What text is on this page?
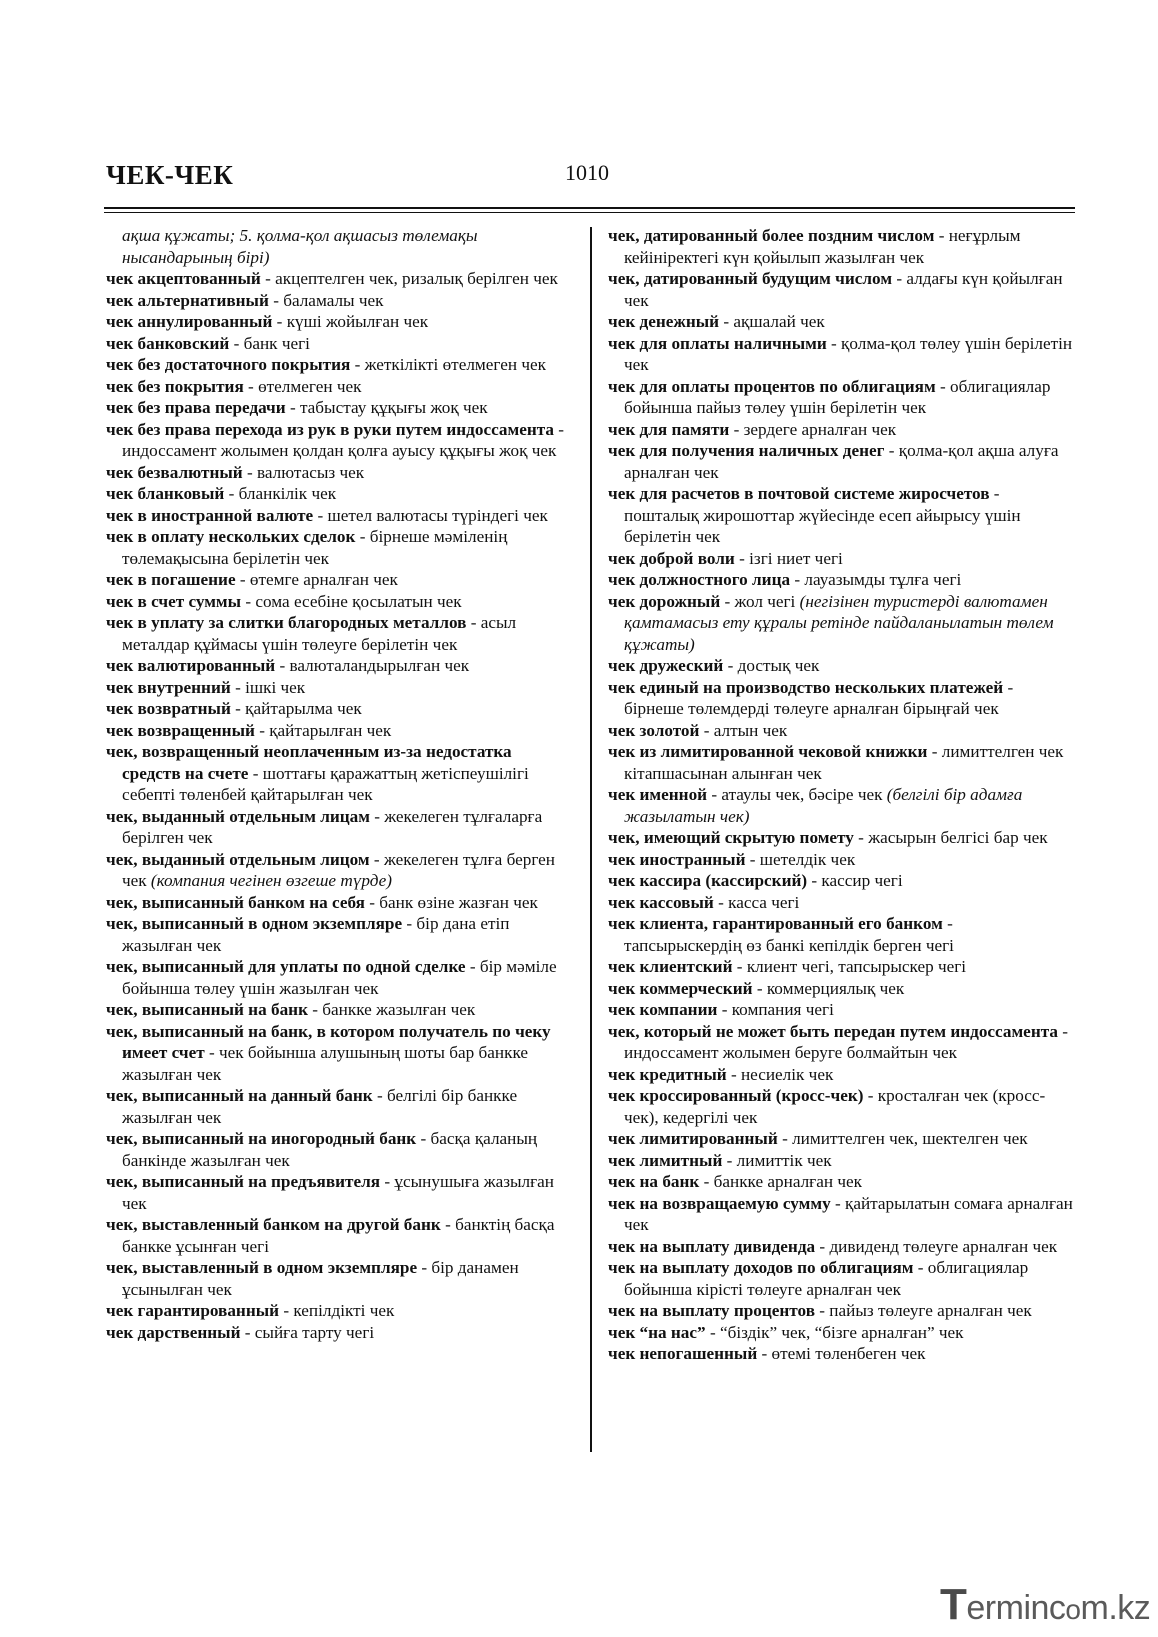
ЧЕК-ЧЕК	1010

ақша құжаты; 5. қолма-қол ақшасыз төлемақы нысандарының бірі)

чек акцептованный - акцептелген чек, ризалық берілген чек

чек альтернативный - баламалы чек

чек аннулированный - күші жойылған чек

чек банковский - банк чегі

чек без достаточного покрытия - жеткілікті өтелмеген чек

чек без покрытия - өтелмеген чек

чек без права передачи - табыстау құқығы жоқ чек

чек без права перехода из рук в руки путем индоссамента - индоссамент жолымен қолдан қолға ауысу құқығы жоқ чек

чек безвалютный - валютасыз чек

чек бланковый - бланкілік чек

чек в иностранной валюте - шетел валютасы түріндегі чек

чек в оплату нескольких сделок - бірнеше мәміленің төлемақысына берілетін чек

чек в погашение - өтемге арналған чек

чек в счет суммы - сома есебіне қосылатын чек

чек в уплату за слитки благородных металлов - асыл металдар құймасы үшін төлеуге берілетін чек

чек валютированный - валюталандырылған чек

чек внутренний - ішкі чек

чек возвратный - қайтарылма чек

чек возвращенный - қайтарылған чек

чек, возвращенный неоплаченным из-за недостатка средств на счете - шоттағы қаражаттың жетіспеушілігі себепті төленбей қайтарылған чек

чек, выданный отдельным лицам - жекелеген тұлғаларға берілген чек

чек, выданный отдельным лицом - жекелеген тұлға берген чек (компания чегінен өзгеше түрде)

чек, выписанный банком на себя - банк өзіне жазған чек

чек, выписанный в одном экземпляре - бір дана етіп жазылған чек

чек, выписанный для уплаты по одной сделке - бір мәміле бойынша төлеу үшін жазылған чек

чек, выписанный на банк - банкке жазылған чек

чек, выписанный на банк, в котором получатель по чеку имеет счет - чек бойынша алушының шоты бар банкке жазылған чек

чек, выписанный на данный банк - белгілі бір банкке жазылған чек

чек, выписанный на иногородный банк - басқа қаланың банкінде жазылған чек

чек, выписанный на предъявителя - ұсынушыға жазылған чек

чек, выставленный банком на другой банк - банктің басқа банкке ұсынған чегі

чек, выставленный в одном экземпляре - бір данамен ұсынылған чек

чек гарантированный - кепілдікті чек

чек дарственный - сыйға тарту чегі

чек, датированный более поздним числом - неғұрлым кейініректегі күн қойылып жазылған чек

чек, датированный будущим числом - алдағы күн қойылған чек

чек денежный - ақшалай чек

чек для оплаты наличными - қолма-қол төлеу үшін берілетін чек

чек для оплаты процентов по облигациям - облигациялар бойынша пайыз төлеу үшін берілетін чек

чек для памяти - зердеге арналған чек

чек для получения наличных денег - қолма-қол ақша алуға арналған чек

чек для расчетов в почтовой системе жиросчетов - пошталық жирошоттар жүйесінде есеп айырысу үшін берілетін чек

чек доброй воли - ізгі ниет чегі

чек должностного лица - лауазымды тұлға чегі

чек дорожный - жол чегі (негізінен туристерді валютамен қамтамасыз ету құралы ретінде пайдаланылатын төлем құжаты)

чек дружеский - достық чек

чек единый на производство нескольких платежей - бірнеше төлемдерді төлеуге арналған бірыңғай чек

чек золотой - алтын чек

чек из лимитированной чековой книжки - лимиттелген чек кітапшасынан алынған чек

чек именной - атаулы чек, бәсіре чек (белгілі бір адамға жазылатын чек)

чек, имеющий скрытую помету - жасырын белгісі бар чек

чек иностранный - шетелдік чек

чек кассира (кассирский) - кассир чегі

чек кассовый - касса чегі

чек клиента, гарантированный его банком - тапсырыскердің өз банкі кепілдік берген чегі

чек клиентский - клиент чегі, тапсырыскер чегі

чек коммерческий - коммерциялық чек

чек компании - компания чегі

чек, который не может быть передан путем индоссамента - индоссамент жолымен беруге болмайтын чек

чек кредитный - несиелік чек

чек кроссированный (кросс-чек) - кросталған чек (кросс-чек), кедергілі чек

чек лимитированный - лимиттелген чек, шектелген чек

чек лимитный - лимиттік чек

чек на банк - банкке арналған чек

чек на возвращаемую сумму - қайтарылатын сомаға арналған чек

чек на выплату дивиденда - дивиденд төлеуге арналған чек

чек на выплату доходов по облигациям - облигациялар бойынша кірісті төлеуге арналған чек

чек на выплату процентов - пайыз төлеуге арналған чек

чек “на нас” - “біздік” чек, “бізге арналған” чек

чек непогашенный - өтемі төленбеген чек

Termincom.kz
